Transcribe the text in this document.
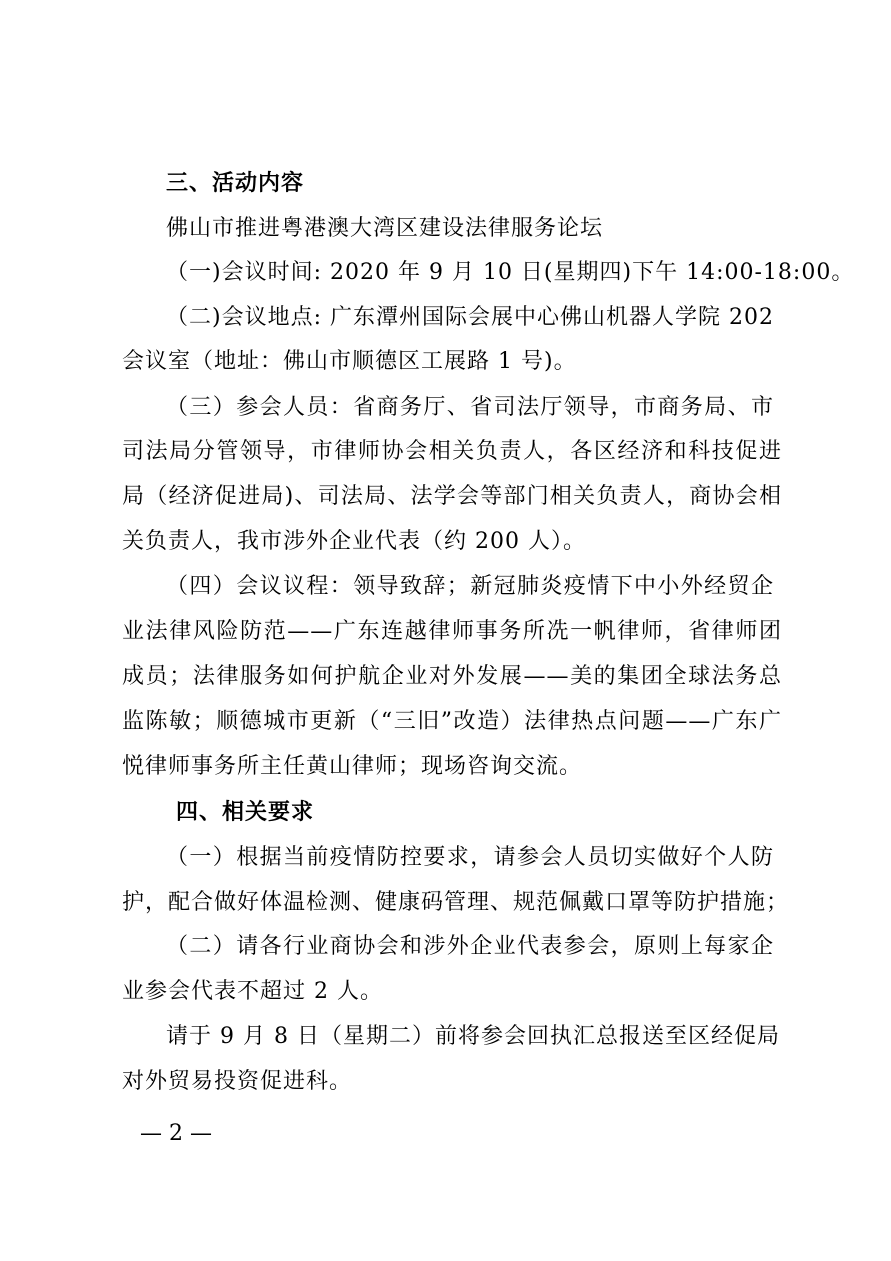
三、活动内容
佛山市推进粤港澳大湾区建设法律服务论坛
（一)会议时间: 2020 年 9 月 10 日(星期四)下午 14:00-18:00。
（二)会议地点: 广东潭州国际会展中心佛山机器人学院 202
会议室（地址：佛山市顺德区工展路 1 号)。
（三）参会人员：省商务厅、省司法厅领导，市商务局、市
司法局分管领导，市律师协会相关负责人，各区经济和科技促进
局（经济促进局)、司法局、法学会等部门相关负责人，商协会相
关负责人，我市涉外企业代表（约 200 人）。
（四）会议议程：领导致辞；新冠肺炎疫情下中小外经贸企
业法律风险防范——广东连越律师事务所冼一帆律师，省律师团
成员；法律服务如何护航企业对外发展——美的集团全球法务总
监陈敏；顺德城市更新（“三旧”改造）法律热点问题——广东广
悦律师事务所主任黄山律师；现场咨询交流。
四、相关要求
（一）根据当前疫情防控要求，请参会人员切实做好个人防
护，配合做好体温检测、健康码管理、规范佩戴口罩等防护措施；
（二）请各行业商协会和涉外企业代表参会，原则上每家企
业参会代表不超过 2 人。
请于 9 月 8 日（星期二）前将参会回执汇总报送至区经促局
对外贸易投资促进科。
— 2 —
